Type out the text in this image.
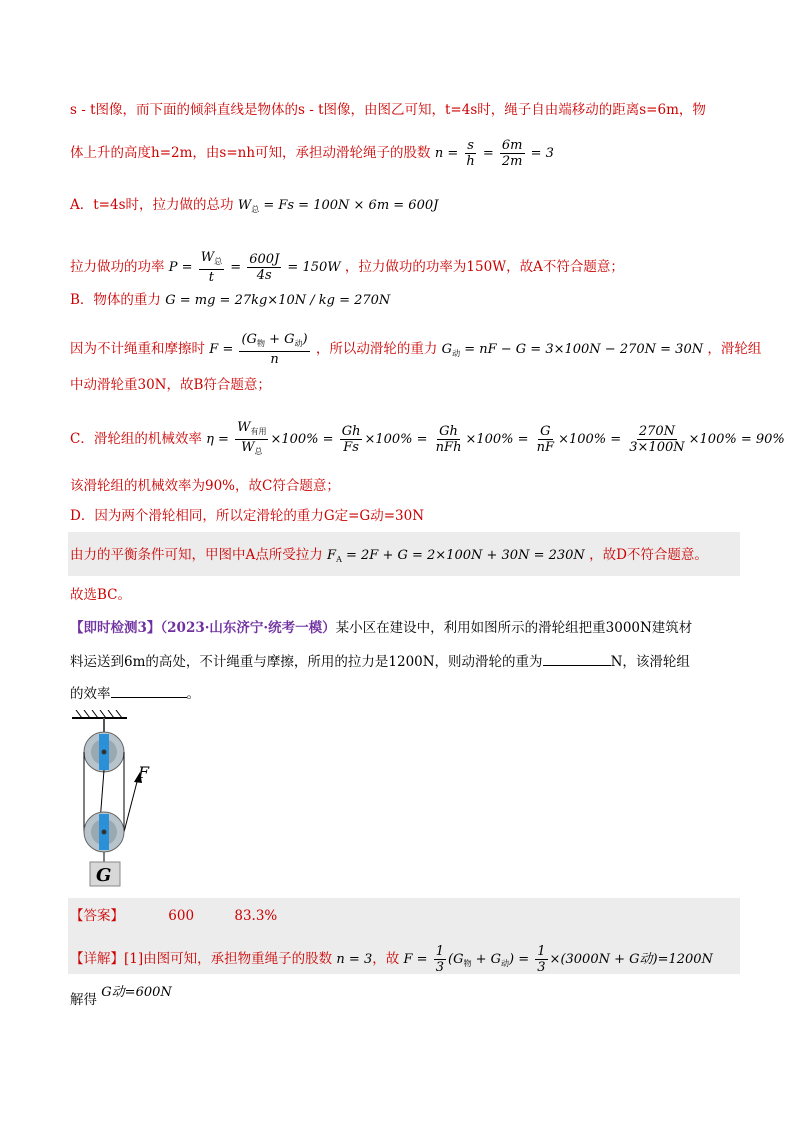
s - t图像，而下面的倾斜直线是物体的s - t图像，由图乙可知，t=4s时，绳子自由端移动的距离s=6m，物
体上升的高度h=2m，由s=nh可知，承担动滑轮绳子的股数 $n = \frac{s}{h} = \frac{6m}{2m} = 3$
A．t=4s时，拉力做的总功 $W_总 = Fs = 100N \times 6m = 600J$
拉力做功的功率 $P = \frac{W_总}{t} = \frac{600J}{4s} = 150W$ ，拉力做功的功率为150W，故A不符合题意；
B．物体的重力 G = mg = 27kg×10N / kg = 270N
因为不计绳重和摩擦时 $F = \frac{(G_物 + G_动)}{n}$ ，所以动滑轮的重力 $G_动$ = nF − G = 3×100N − 270N = 30N ，滑轮组
中动滑轮重30N，故B符合题意；
C．滑轮组的机械效率 $\eta = \frac{W_{有用}}{W_总} \times 100\% = \frac{Gh}{Fs} \times 100\% = \frac{Gh}{\text{nFh}} \times 100\% = \frac{G}{nF} \times 100\% = \frac{270N}{3\times 100N} \times 100\% = 90\%$
该滑轮组的机械效率为90%，故C符合题意；
D．因为两个滑轮相同，所以定滑轮的重力G定=G动=30N
由力的平衡条件可知，甲图中A点所受拉力 $F_A = 2F + G = 2\times 100N + 30N = 230N$ ，故D不符合题意。
故选BC。
【即时检测3】（2023·山东济宁·统考一模）某小区在建设中，利用如图所示的滑轮组把重3000N建筑材
料运送到6m的高处，不计绳重与摩擦，所用的拉力是1200N，则动滑轮的重为	N，该滑轮组
的效率	。
F
G
【答案】	600	83.3%
【详解】[1]由图可知，承担物重绳子的股数 n = 3，故 $F = \frac{1}{3} (G_物 + G_动) = \frac{1}{3} \times(3000N + G$动)=1200N
解得 G动=600N
